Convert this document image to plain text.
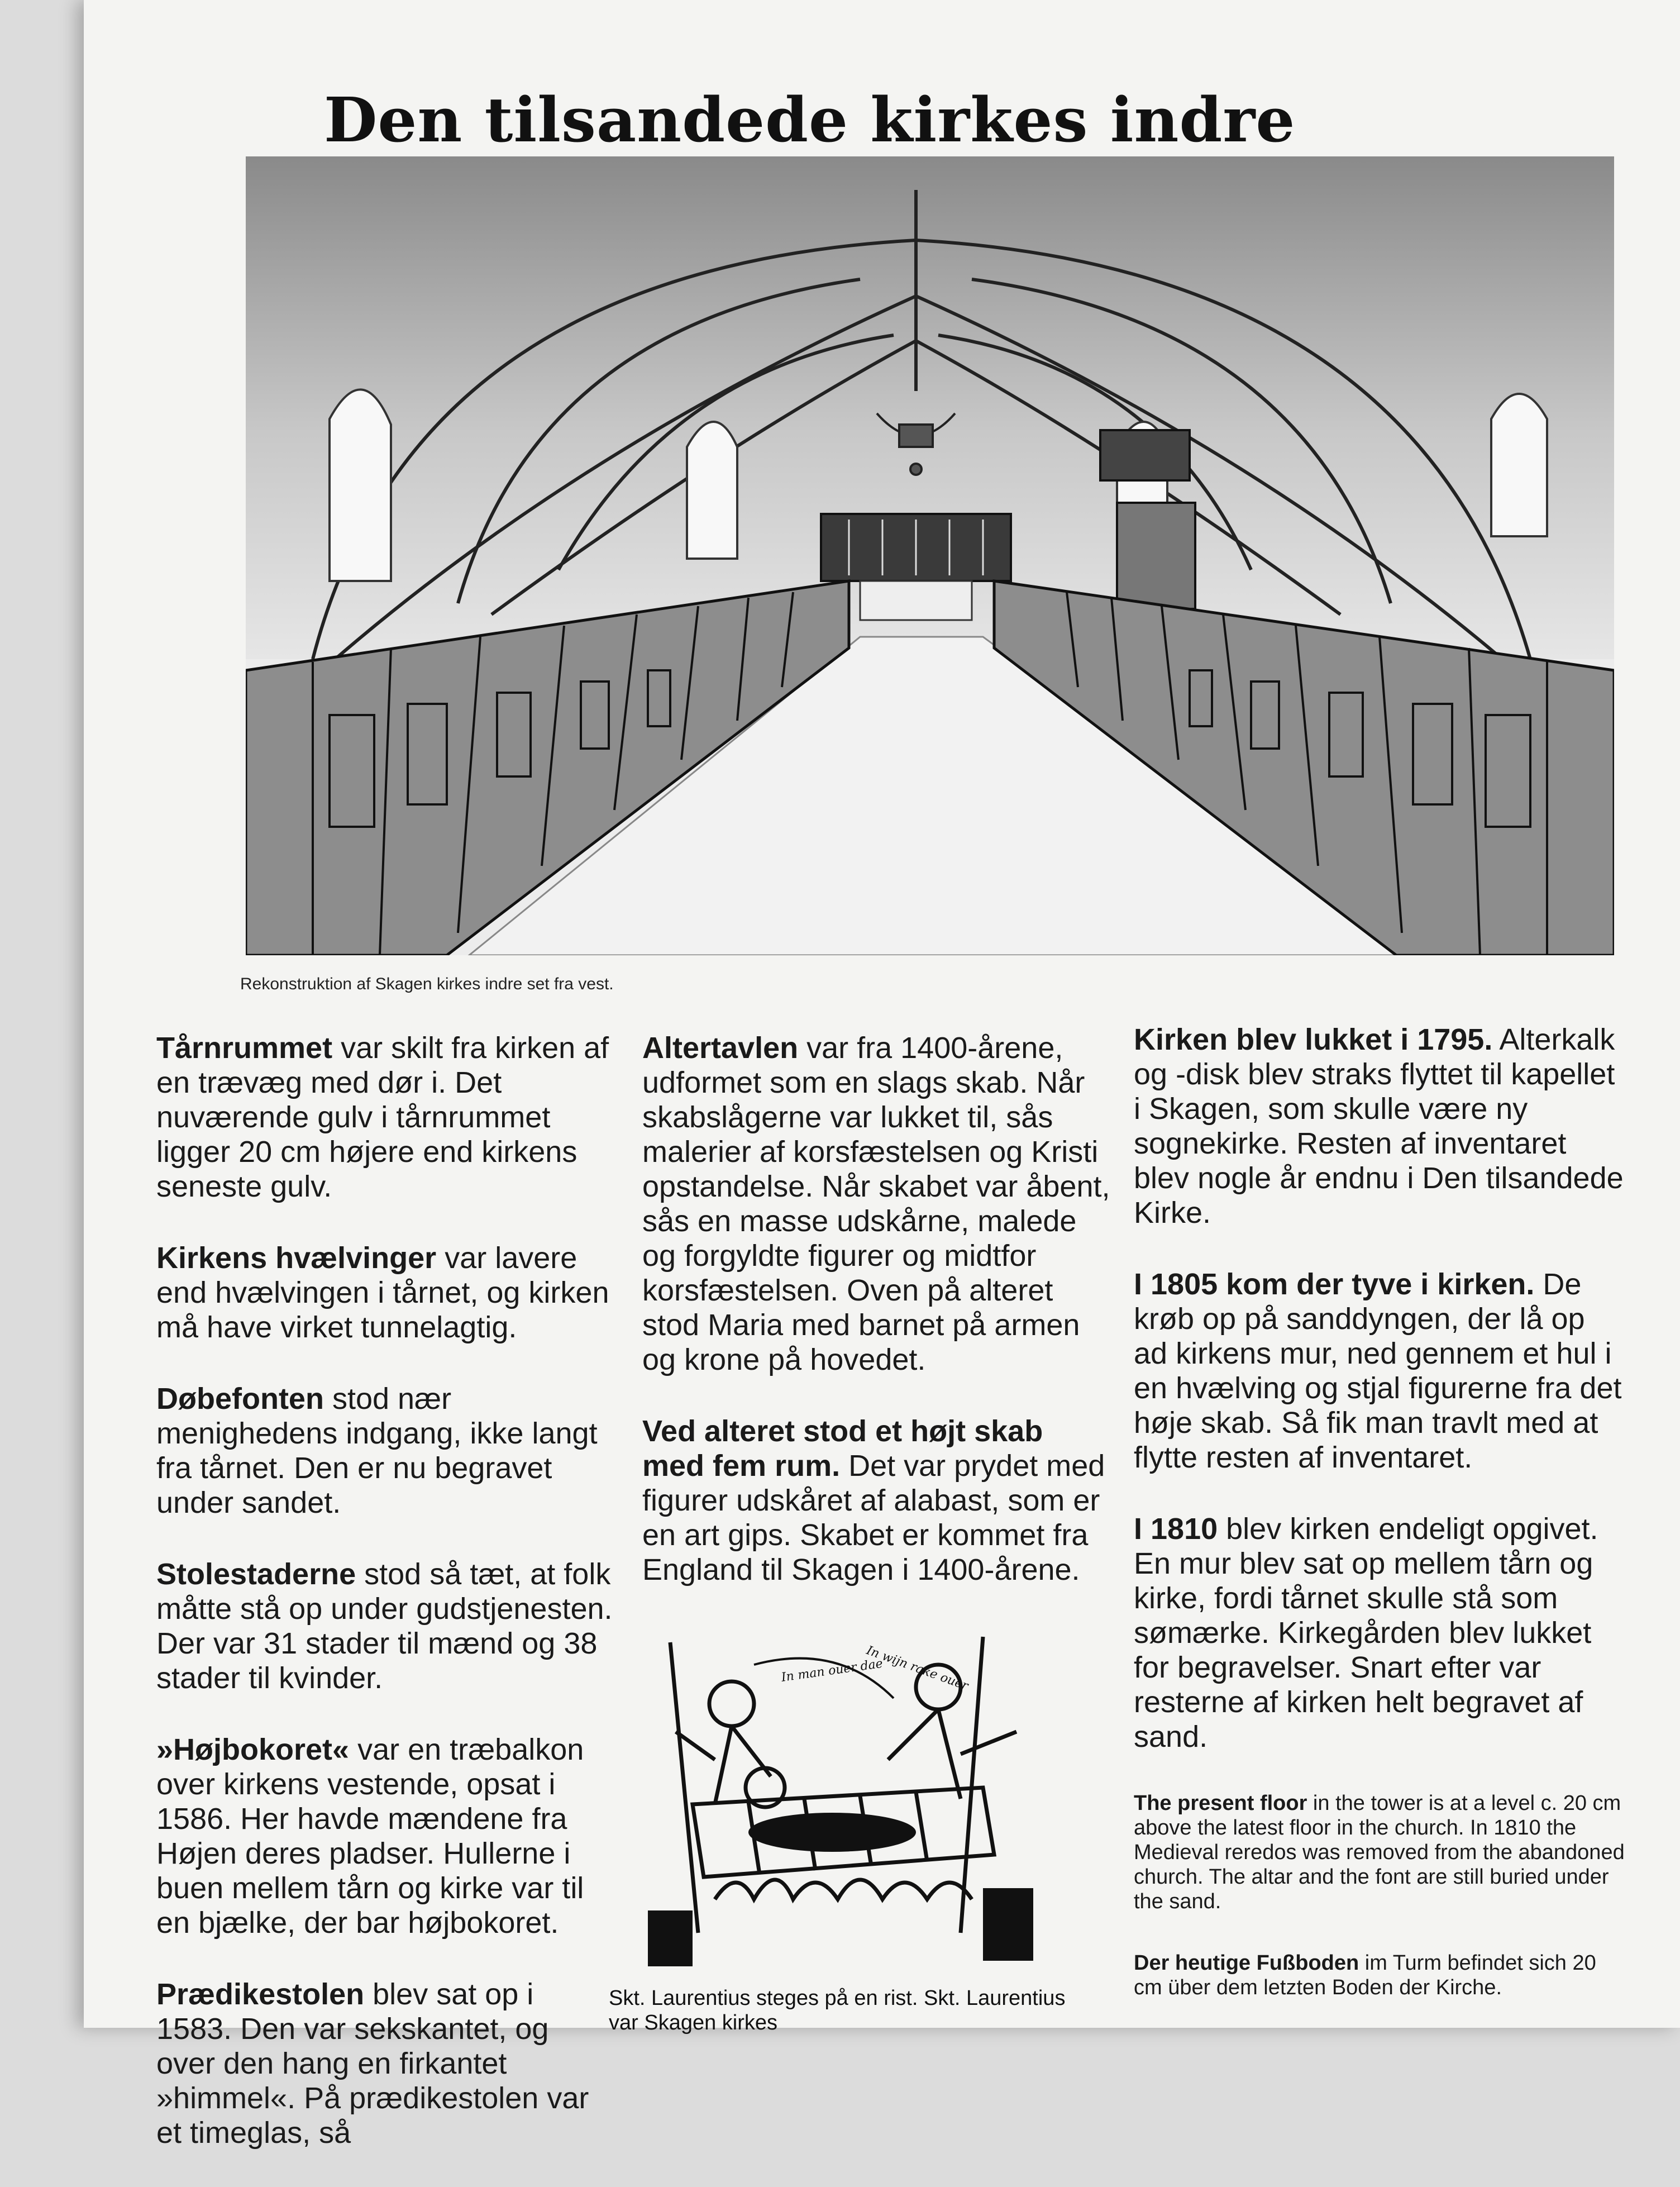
Den tilsandede kirkes indre
Rekonstruktion af Skagen kirkes indre set fra vest.

Tårnrummet var skilt fra kirken af en trævæg med dør i. Det nuværende gulv i tårnrummet ligger 20 cm højere end kirkens seneste gulv.

Kirkens hvælvinger var lavere end hvælvingen i tårnet, og kirken må have virket tunnelagtig.

Døbefonten stod nær menighedens indgang, ikke langt fra tårnet. Den er nu begravet under sandet.

Stolestaderne stod så tæt, at folk måtte stå op under gudstjenesten. Der var 31 stader til mænd og 38 stader til kvinder.

»Højbokoret« var en træbalkon over kirkens vestende, opsat i 1586. Her havde mændene fra Højen deres pladser. Hullerne i buen mellem tårn og kirke var til en bjælke, der bar højbokoret.

Prædikestolen blev sat op i 1583. Den var sekskantet, og over den hang en firkantet »himmel«. På prædikestolen var et timeglas, så

Altertavlen var fra 1400-årene, udformet som en slags skab. Når skabslågerne var lukket til, sås malerier af korsfæstelsen og Kristi opstandelse. Når skabet var åbent, sås en masse udskårne, malede og forgyldte figurer og midtfor korsfæstelsen. Oven på alteret stod Maria med barnet på armen og krone på hovedet.

Ved alteret stod et højt skab med fem rum. Det var prydet med figurer udskåret af alabast, som er en art gips. Skabet er kommet fra England til Skagen i 1400-årene.

In man ouer dae
In wijn rake ouer
Skt. Laurentius steges på en rist. Skt. Laurentius var Skagen kirkes

Kirken blev lukket i 1795. Alterkalk og -disk blev straks flyttet til kapellet i Skagen, som skulle være ny sognekirke. Resten af inventaret blev nogle år endnu i Den tilsandede Kirke.

I 1805 kom der tyve i kirken. De krøb op på sanddyngen, der lå op ad kirkens mur, ned gennem et hul i en hvælving og stjal figurerne fra det høje skab. Så fik man travlt med at flytte resten af inventaret.

I 1810 blev kirken endeligt opgivet. En mur blev sat op mellem tårn og kirke, fordi tårnet skulle stå som sømærke. Kirkegården blev lukket for begravelser. Snart efter var resterne af kirken helt begravet af sand.

The present floor in the tower is at a level c. 20 cm above the latest floor in the church. In 1810 the Medieval reredos was removed from the abandoned church. The altar and the font are still buried under the sand.

Der heutige Fußboden im Turm befindet sich 20 cm über dem letzten Boden der Kirche.
